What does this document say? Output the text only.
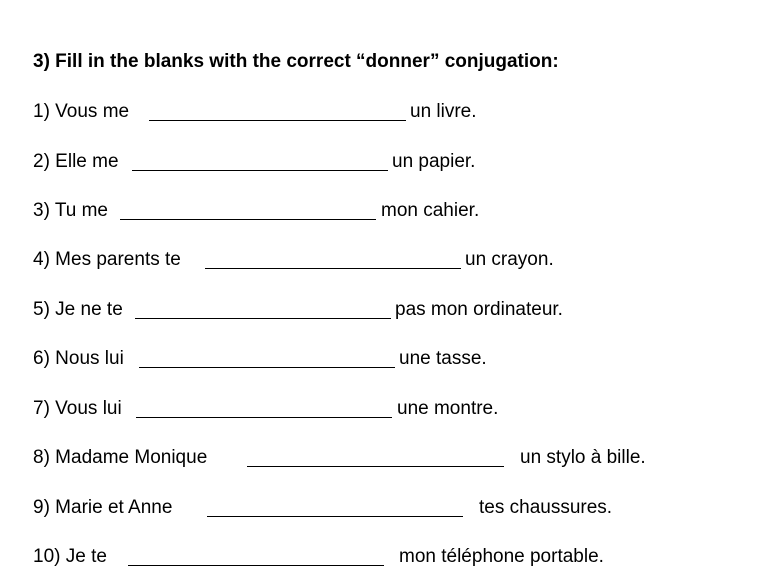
3) Fill in the blanks with the correct “donner” conjugation:
1) Vous me	un livre.
2) Elle me	un papier.
3) Tu me	mon cahier.
4) Mes parents te	un crayon.
5) Je ne te	pas mon ordinateur.
6) Nous lui	une tasse.
7) Vous lui	une montre.
8) Madame Monique	un stylo à bille.
9) Marie et Anne	tes chaussures.
10) Je te	mon téléphone portable.
